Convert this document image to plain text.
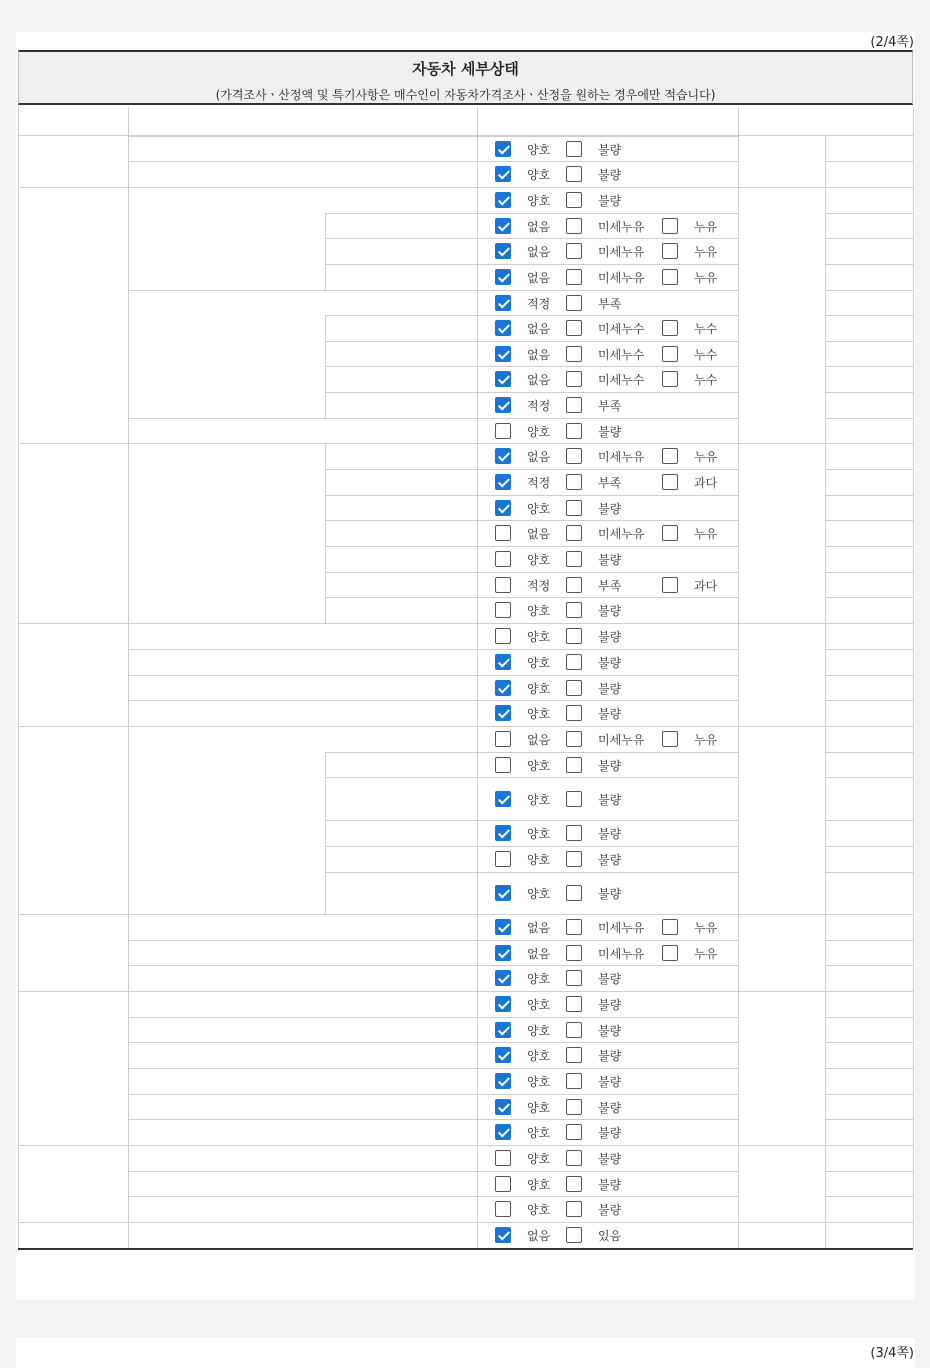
(2/4쪽)
(3/4쪽)
자동차 세부상태
(가격조사ㆍ산정액 및 특기사항은 매수인이 자동차가격조사ㆍ산정을 원하는 경우에만 적습니다)
양호	불량
양호	불량
양호	불량
없음	미세누유	누유
없음	미세누유	누유
없음	미세누유	누유
적정	부족
없음	미세누수	누수
없음	미세누수	누수
없음	미세누수	누수
적정	부족
양호	불량
없음	미세누유	누유
적정	부족	과다
양호	불량
없음	미세누유	누유
양호	불량
적정	부족	과다
양호	불량
양호	불량
양호	불량
양호	불량
양호	불량
없음	미세누유	누유
양호	불량
양호	불량
양호	불량
양호	불량
양호	불량
없음	미세누유	누유
없음	미세누유	누유
양호	불량
양호	불량
양호	불량
양호	불량
양호	불량
양호	불량
양호	불량
양호	불량
양호	불량
양호	불량
없음	있음
